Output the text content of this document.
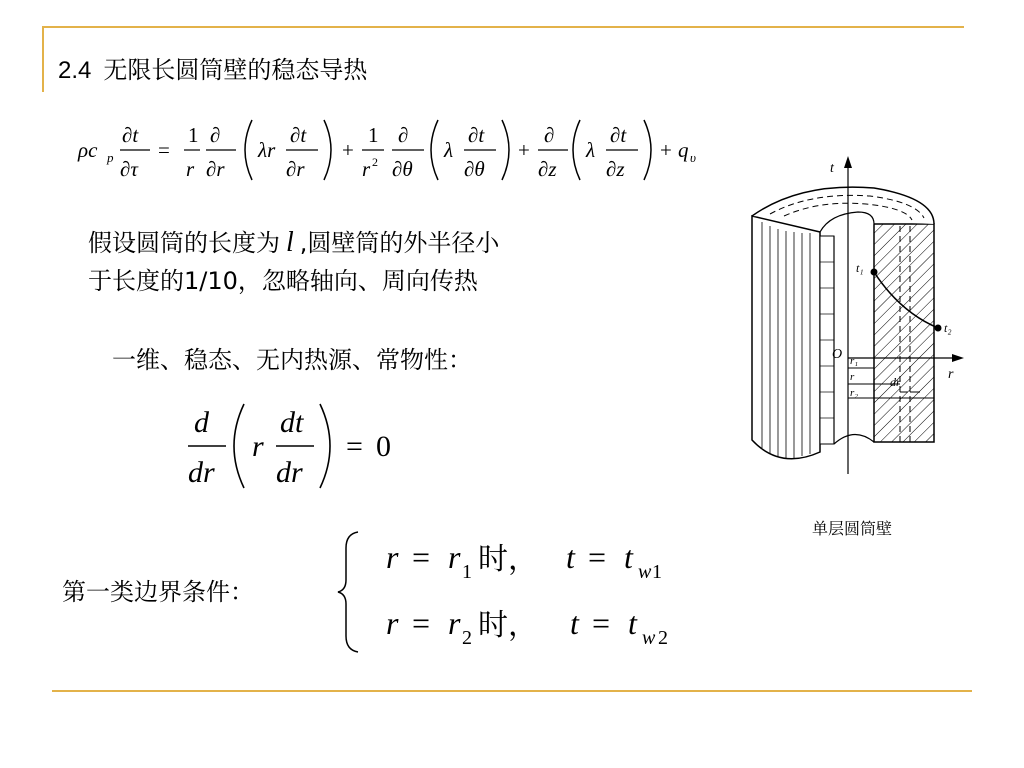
2.4 无限长圆筒壁的稳态导热
ρc p
∂t
∂τ
=
1
r
∂
∂r
λr
∂t
∂r
+
1
r 2
∂
∂θ
λ
∂t
∂θ
+
∂
∂z
λ
∂t
∂z
+ q υ
假设圆筒的长度为 l ,圆壁筒的外半径小
于长度的1/10，忽略轴向、周向传热
一维、稳态、无内热源、常物性：
d
dr
r
dt
dr
= 0
第一类边界条件：
r = r 1 时， t = t w 1
r = r 2 时， t = t w 2
t
r
O
t₁
t₂
r₁
r
r₂
dr
单层圆筒壁
